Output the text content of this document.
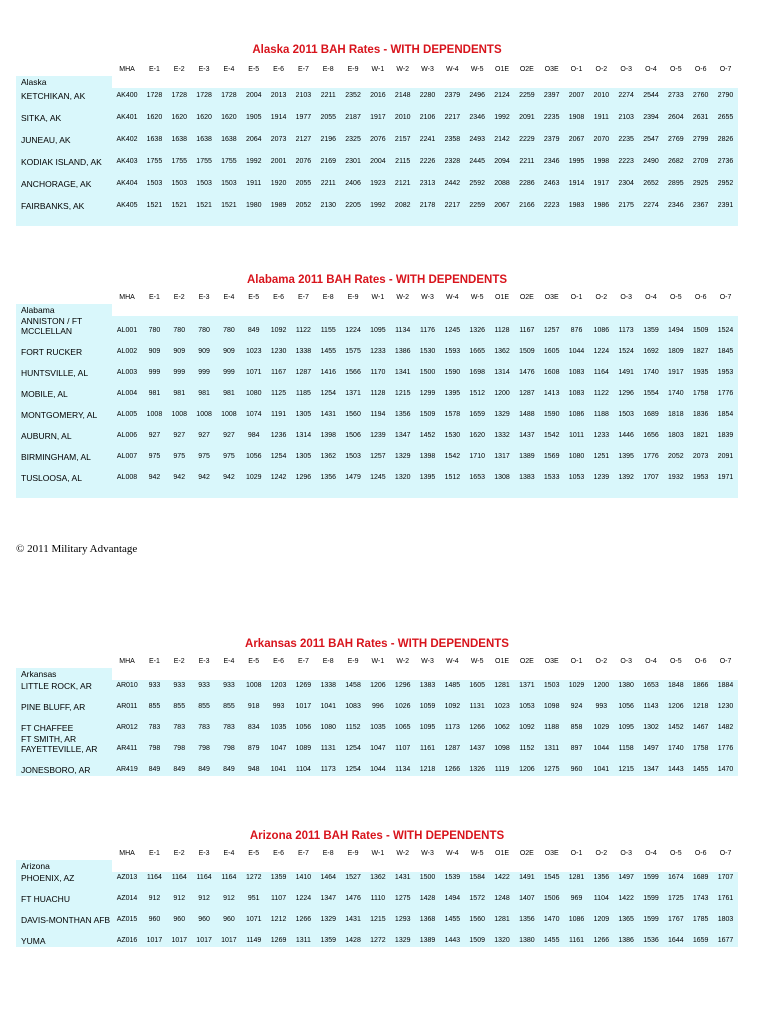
Alaska 2011 BAH Rates - WITH DEPENDENTS
	MHA	E-1	E-2	E-3	E-4	E-5	E-6	E-7	E-8	E-9	W-1	W-2	W-3	W-4	W-5	O1E	O2E	O3E	O-1	O-2	O-3	O-4	O-5	O-6	O-7
Alaska																									
KETCHIKAN, AK	AK400	1728	1728	1728	1728	2004	2013	2103	2211	2352	2016	2148	2280	2379	2496	2124	2259	2397	2007	2010	2274	2544	2733	2760	2790
SITKA, AK	AK401	1620	1620	1620	1620	1905	1914	1977	2055	2187	1917	2010	2106	2217	2346	1992	2091	2235	1908	1911	2103	2394	2604	2631	2655
JUNEAU, AK	AK402	1638	1638	1638	1638	2064	2073	2127	2196	2325	2076	2157	2241	2358	2493	2142	2229	2379	2067	2070	2235	2547	2769	2799	2826
KODIAK ISLAND, AK	AK403	1755	1755	1755	1755	1992	2001	2076	2169	2301	2004	2115	2226	2328	2445	2094	2211	2346	1995	1998	2223	2490	2682	2709	2736
ANCHORAGE, AK	AK404	1503	1503	1503	1503	1911	1920	2055	2211	2406	1923	2121	2313	2442	2592	2088	2286	2463	1914	1917	2304	2652	2895	2925	2952
FAIRBANKS, AK	AK405	1521	1521	1521	1521	1980	1989	2052	2130	2205	1992	2082	2178	2217	2259	2067	2166	2223	1983	1986	2175	2274	2346	2367	2391

Alabama 2011 BAH Rates - WITH DEPENDENTS
	MHA	E-1	E-2	E-3	E-4	E-5	E-6	E-7	E-8	E-9	W-1	W-2	W-3	W-4	W-5	O1E	O2E	O3E	O-1	O-2	O-3	O-4	O-5	O-6	O-7
Alabama																									
ANNISTON / FT MCCLELLAN	AL001	780	780	780	780	849	1092	1122	1155	1224	1095	1134	1176	1245	1326	1128	1167	1257	876	1086	1173	1359	1494	1509	1524
FORT RUCKER	AL002	909	909	909	909	1023	1230	1338	1455	1575	1233	1386	1530	1593	1665	1362	1509	1605	1044	1224	1524	1692	1809	1827	1845
HUNTSVILLE, AL	AL003	999	999	999	999	1071	1167	1287	1416	1566	1170	1341	1500	1590	1698	1314	1476	1608	1083	1164	1491	1740	1917	1935	1953
MOBILE, AL	AL004	981	981	981	981	1080	1125	1185	1254	1371	1128	1215	1299	1395	1512	1200	1287	1413	1083	1122	1296	1554	1740	1758	1776
MONTGOMERY, AL	AL005	1008	1008	1008	1008	1074	1191	1305	1431	1560	1194	1356	1509	1578	1659	1329	1488	1590	1086	1188	1503	1689	1818	1836	1854
AUBURN, AL	AL006	927	927	927	927	984	1236	1314	1398	1506	1239	1347	1452	1530	1620	1332	1437	1542	1011	1233	1446	1656	1803	1821	1839
BIRMINGHAM, AL	AL007	975	975	975	975	1056	1254	1305	1362	1503	1257	1329	1398	1542	1710	1317	1389	1569	1080	1251	1395	1776	2052	2073	2091
TUSLOOSA, AL	AL008	942	942	942	942	1029	1242	1296	1356	1479	1245	1320	1395	1512	1653	1308	1383	1533	1053	1239	1392	1707	1932	1953	1971

© 2011 Military Advantage
Arkansas 2011 BAH Rates - WITH DEPENDENTS
	MHA	E-1	E-2	E-3	E-4	E-5	E-6	E-7	E-8	E-9	W-1	W-2	W-3	W-4	W-5	O1E	O2E	O3E	O-1	O-2	O-3	O-4	O-5	O-6	O-7
Arkansas																									
LITTLE ROCK, AR	AR010	933	933	933	933	1008	1203	1269	1338	1458	1206	1296	1383	1485	1605	1281	1371	1503	1029	1200	1380	1653	1848	1866	1884
PINE BLUFF, AR	AR011	855	855	855	855	918	993	1017	1041	1083	996	1026	1059	1092	1131	1023	1053	1098	924	993	1056	1143	1206	1218	1230
FT CHAFFEE	AR012	783	783	783	783	834	1035	1056	1080	1152	1035	1065	1095	1173	1266	1062	1092	1188	858	1029	1095	1302	1452	1467	1482
FT SMITH, AR FAYETTEVILLE, AR	AR411	798	798	798	798	879	1047	1089	1131	1254	1047	1107	1161	1287	1437	1098	1152	1311	897	1044	1158	1497	1740	1758	1776
JONESBORO, AR	AR419	849	849	849	849	948	1041	1104	1173	1254	1044	1134	1218	1266	1326	1119	1206	1275	960	1041	1215	1347	1443	1455	1470
Arizona 2011 BAH Rates - WITH DEPENDENTS
	MHA	E-1	E-2	E-3	E-4	E-5	E-6	E-7	E-8	E-9	W-1	W-2	W-3	W-4	W-5	O1E	O2E	O3E	O-1	O-2	O-3	O-4	O-5	O-6	O-7
Arizona																									
PHOENIX, AZ	AZ013	1164	1164	1164	1164	1272	1359	1410	1464	1527	1362	1431	1500	1539	1584	1422	1491	1545	1281	1356	1497	1599	1674	1689	1707
FT HUACHU	AZ014	912	912	912	912	951	1107	1224	1347	1476	1110	1275	1428	1494	1572	1248	1407	1506	969	1104	1422	1599	1725	1743	1761
DAVIS-MONTHAN AFB	AZ015	960	960	960	960	1071	1212	1266	1329	1431	1215	1293	1368	1455	1560	1281	1356	1470	1086	1209	1365	1599	1767	1785	1803
YUMA	AZ016	1017	1017	1017	1017	1149	1269	1311	1359	1428	1272	1329	1389	1443	1509	1320	1380	1455	1161	1266	1386	1536	1644	1659	1677
